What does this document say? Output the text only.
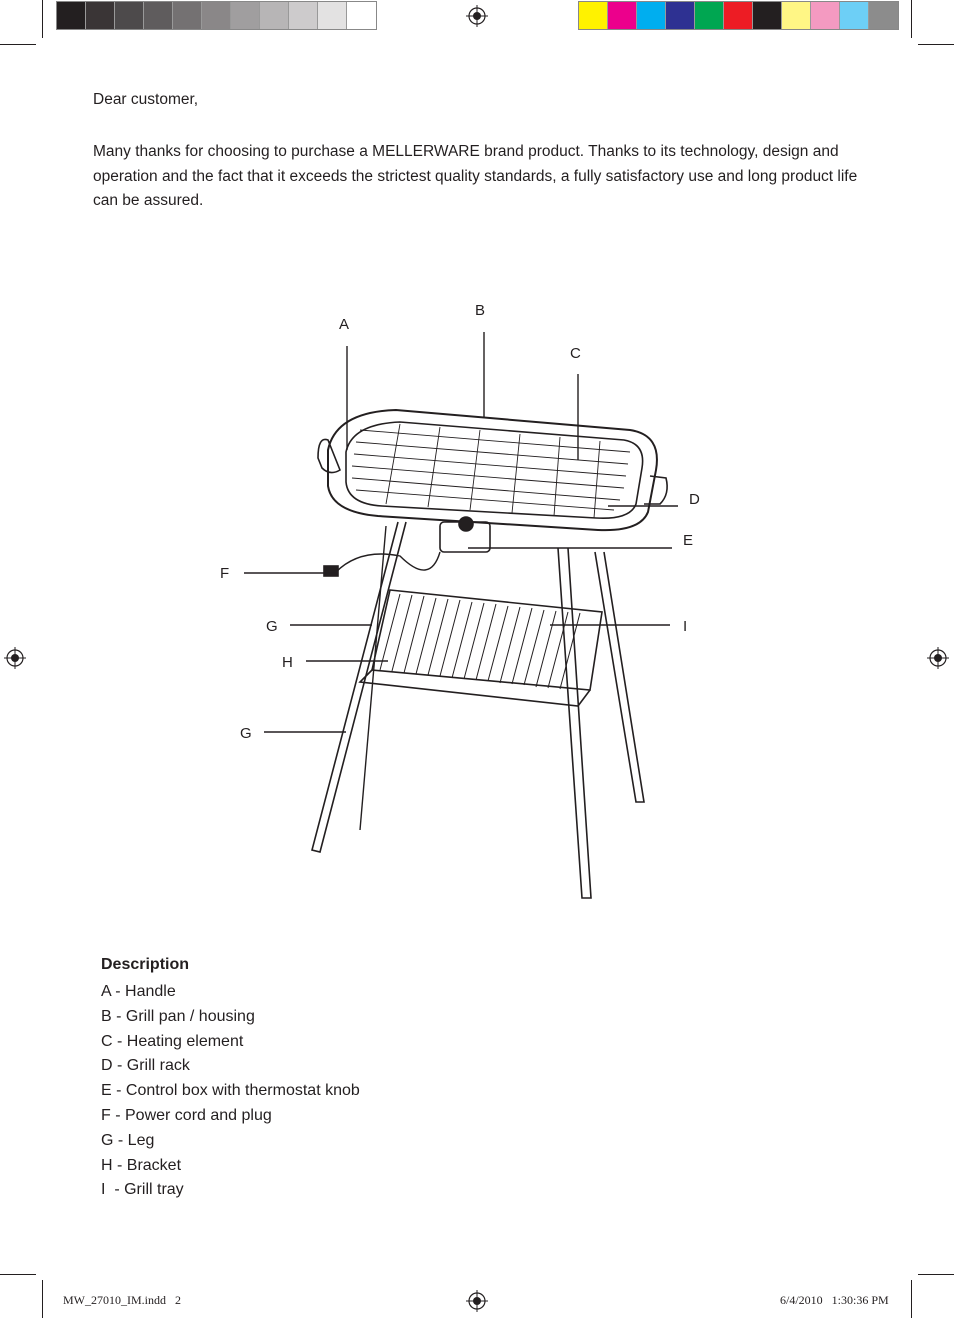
Dear customer,

Many thanks for choosing to purchase a MELLERWARE brand product. Thanks to its technology, design and operation and the fact that it exceeds the strictest quality standards, a fully satisfactory use and long product life can be assured.

A
B
C
D
E
F
G	I
H
G
Description
A - Handle
B - Grill pan / housing
C - Heating element
D - Grill rack
E - Control box with thermostat knob
F - Power cord and plug
G - Leg
H - Bracket
I  - Grill tray
MW_27010_IM.indd   2	6/4/2010   1:30:36 PM
